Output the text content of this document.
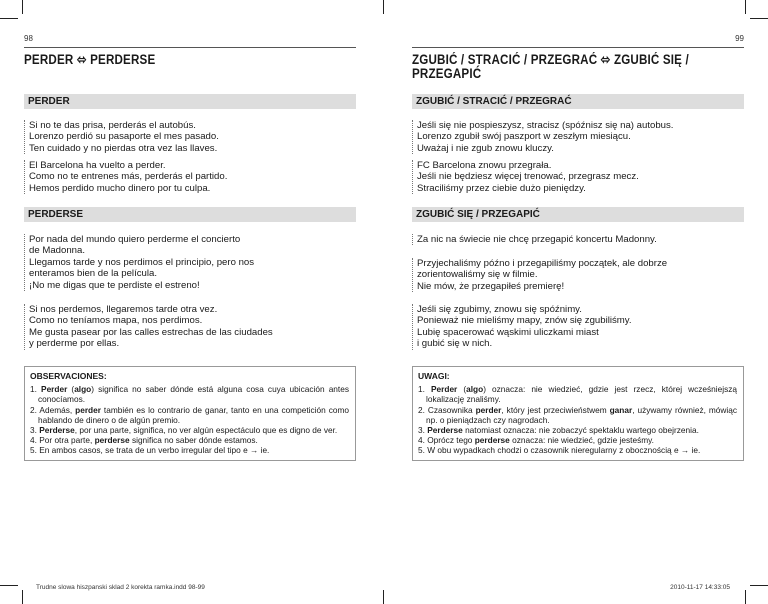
98
PERDER ⬄ PERDERSE
PERDER
Si no te das prisa, perderás el autobús.
Lorenzo perdió su pasaporte el mes pasado.
Ten cuidado y no pierdas otra vez las llaves.
El Barcelona ha vuelto a perder.
Como no te entrenes más, perderás el partido.
Hemos perdido mucho dinero por tu culpa.
PERDERSE
Por nada del mundo quiero perderme el concierto
de Madonna.
Llegamos tarde y nos perdimos el principio, pero nos
enteramos bien de la película.
¡No me digas que te perdiste el estreno!
Si nos perdemos, llegaremos tarde otra vez.
Como no teníamos mapa, nos perdimos.
Me gusta pasear por las calles estrechas de las ciudades
y perderme por ellas.
OBSERVACIONES:
1. Perder (algo) significa no saber dónde está alguna cosa cuya ubicación antes conocíamos.
2. Además, perder también es lo contrario de ganar, tanto en una competición como hablando de dinero o de algún premio.
3. Perderse, por una parte, significa, no ver algún espectáculo que es digno de ver.
4. Por otra parte, perderse significa no saber dónde estamos.
5. En ambos casos, se trata de un verbo irregular del tipo e → ie.
99
ZGUBIĆ / STRACIĆ / PRZEGRAĆ ⬄ ZGUBIĆ SIĘ / PRZEGAPIĆ
ZGUBIĆ / STRACIĆ / PRZEGRAĆ
Jeśli się nie pospieszysz, stracisz (spóźnisz się na) autobus.
Lorenzo zgubił swój paszport w zeszłym miesiącu.
Uważaj i nie zgub znowu kluczy.
FC Barcelona znowu przegrała.
Jeśli nie będziesz więcej trenować, przegrasz mecz.
Straciliśmy przez ciebie dużo pieniędzy.
ZGUBIĆ SIĘ / PRZEGAPIĆ
Za nic na świecie nie chcę przegapić koncertu Madonny.
Przyjechaliśmy późno i przegapiliśmy początek, ale dobrze
zorientowaliśmy się w filmie.
Nie mów, że przegapiłeś premierę!
Jeśli się zgubimy, znowu się spóźnimy.
Ponieważ nie mieliśmy mapy, znów się zgubiliśmy.
Lubię spacerować wąskimi uliczkami miast
i gubić się w nich.
UWAGI:
1. Perder (algo) oznacza: nie wiedzieć, gdzie jest rzecz, której wcześniejszą lokalizację znaliśmy.
2. Czasownika perder, który jest przeciwieństwem ganar, używamy również, mówiąc np. o pieniądzach czy nagrodach.
3. Perderse natomiast oznacza: nie zobaczyć spektaklu wartego obejrzenia.
4. Oprócz tego perderse oznacza: nie wiedzieć, gdzie jesteśmy.
5. W obu wypadkach chodzi o czasownik nieregularny z obocznością e → ie.
Trudne slowa hiszpanski sklad 2 korekta ramka.indd 98-99	2010-11-17 14:33:05
